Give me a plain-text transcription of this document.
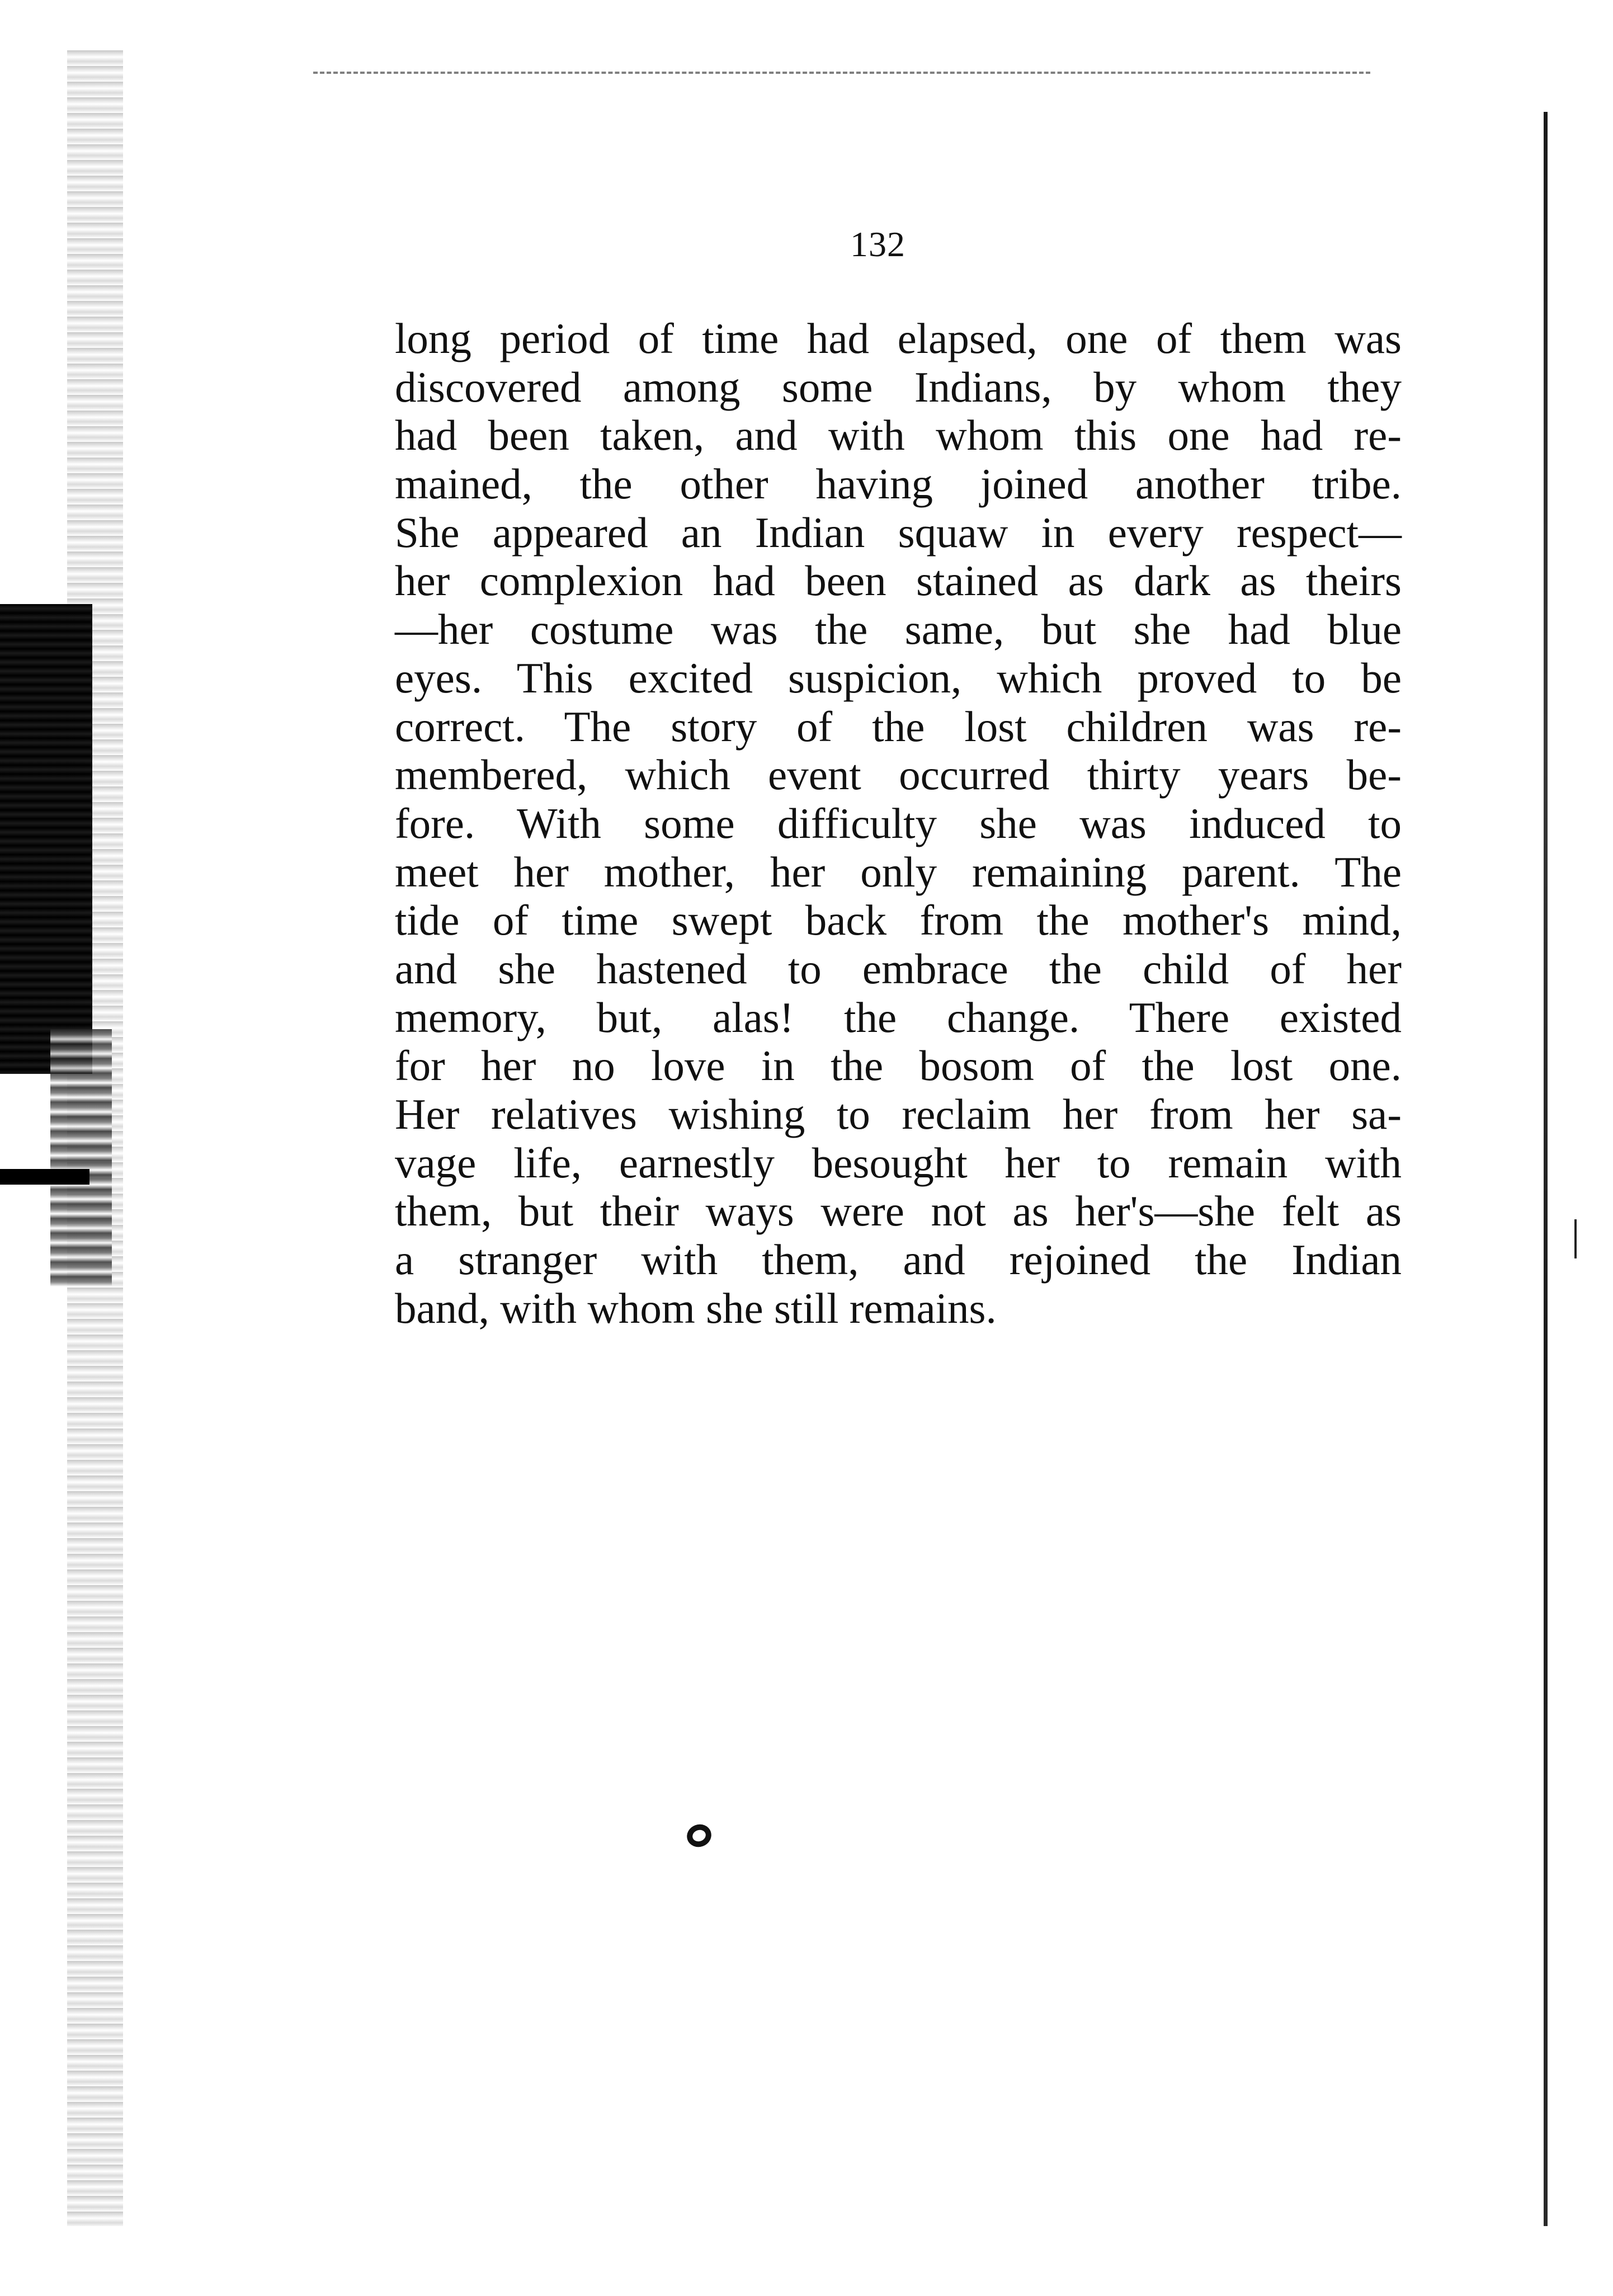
132
long period of time had elapsed, one of them was
discovered among some Indians, by whom they
had been taken, and with whom this one had re-
mained, the other having joined another tribe.
She appeared an Indian squaw in every respect—
her complexion had been stained as dark as theirs
—her costume was the same, but she had blue
eyes. This excited suspicion, which proved to be
correct. The story of the lost children was re-
membered, which event occurred thirty years be-
fore. With some difficulty she was induced to
meet her mother, her only remaining parent. The
tide of time swept back from the mother's mind,
and she hastened to embrace the child of her
memory, but, alas! the change. There existed
for her no love in the bosom of the lost one.
Her relatives wishing to reclaim her from her sa-
vage life, earnestly besought her to remain with
them, but their ways were not as her's—she felt as
a stranger with them, and rejoined the Indian
band, with whom she still remains.
